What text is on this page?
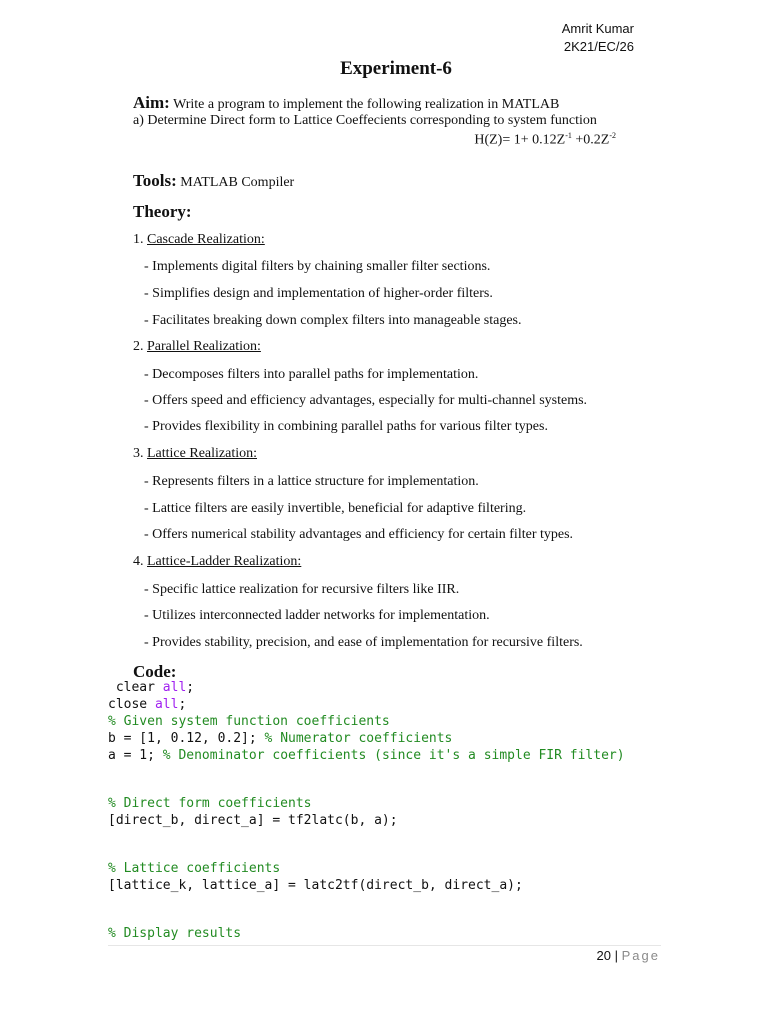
Amrit Kumar
2K21/EC/26
Experiment-6
Aim: Write a program to implement the following realization in MATLAB
a) Determine Direct form to Lattice Coeffecients corresponding to system function
$H(Z)= 1+ 0.12Z^{-1} +0.2Z^{-2}$
Tools: MATLAB Compiler
Theory:
1. Cascade Realization:
- Implements digital filters by chaining smaller filter sections.
- Simplifies design and implementation of higher-order filters.
- Facilitates breaking down complex filters into manageable stages.
2. Parallel Realization:
- Decomposes filters into parallel paths for implementation.
- Offers speed and efficiency advantages, especially for multi-channel systems.
- Provides flexibility in combining parallel paths for various filter types.
3. Lattice Realization:
- Represents filters in a lattice structure for implementation.
- Lattice filters are easily invertible, beneficial for adaptive filtering.
- Offers numerical stability advantages and efficiency for certain filter types.
4. Lattice-Ladder Realization:
- Specific lattice realization for recursive filters like IIR.
- Utilizes interconnected ladder networks for implementation.
- Provides stability, precision, and ease of implementation for recursive filters.
Code:
clear all;
close all;
% Given system function coefficients
b = [1, 0.12, 0.2]; % Numerator coefficients
a = 1; % Denominator coefficients (since it's a simple FIR filter)
% Direct form coefficients
[direct_b, direct_a] = tf2latc(b, a);
% Lattice coefficients
[lattice_k, lattice_a] = latc2tf(direct_b, direct_a);
% Display results
20 | Page
